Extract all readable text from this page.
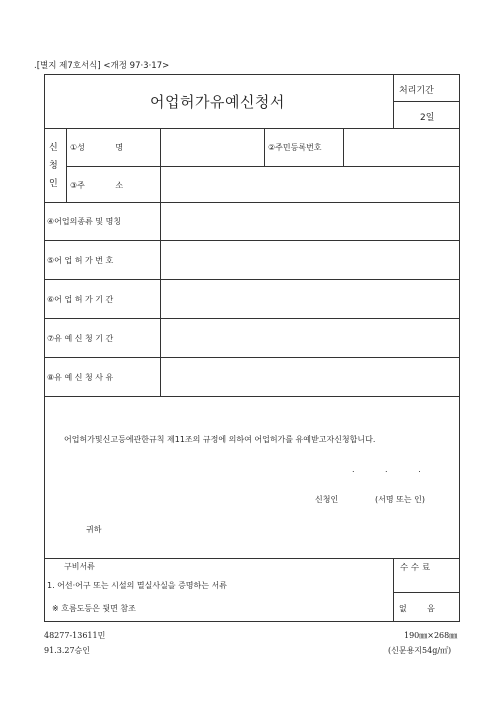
.[별지 제7호서식] <개정 97·3·17>
어업허가유예신청서
처리기간
2일
신
청
인
①성            명	②주민등록번호
③주            소
④어업의종류 및 명칭
⑤어 업 허 가 번 호
⑥어 업 허 가 기 간
⑦유 예 신 청 기 간
⑧유 예 신 청 사 유
어업허가및신고등에관한규칙 제11조의 규정에 의하여 어업허가를 유예받고자신청합니다.
.            .            .
신청인	(서명 또는 인)
귀하
구비서류
1. 어선·어구 또는 시설의 멸실사실을 증명하는 서류
※ 흐름도등은 뒷면 참조
수 수 료
없        음
48277-13611민
91.3.27승인
190㎜×268㎜
(신문용지54g/㎡)
